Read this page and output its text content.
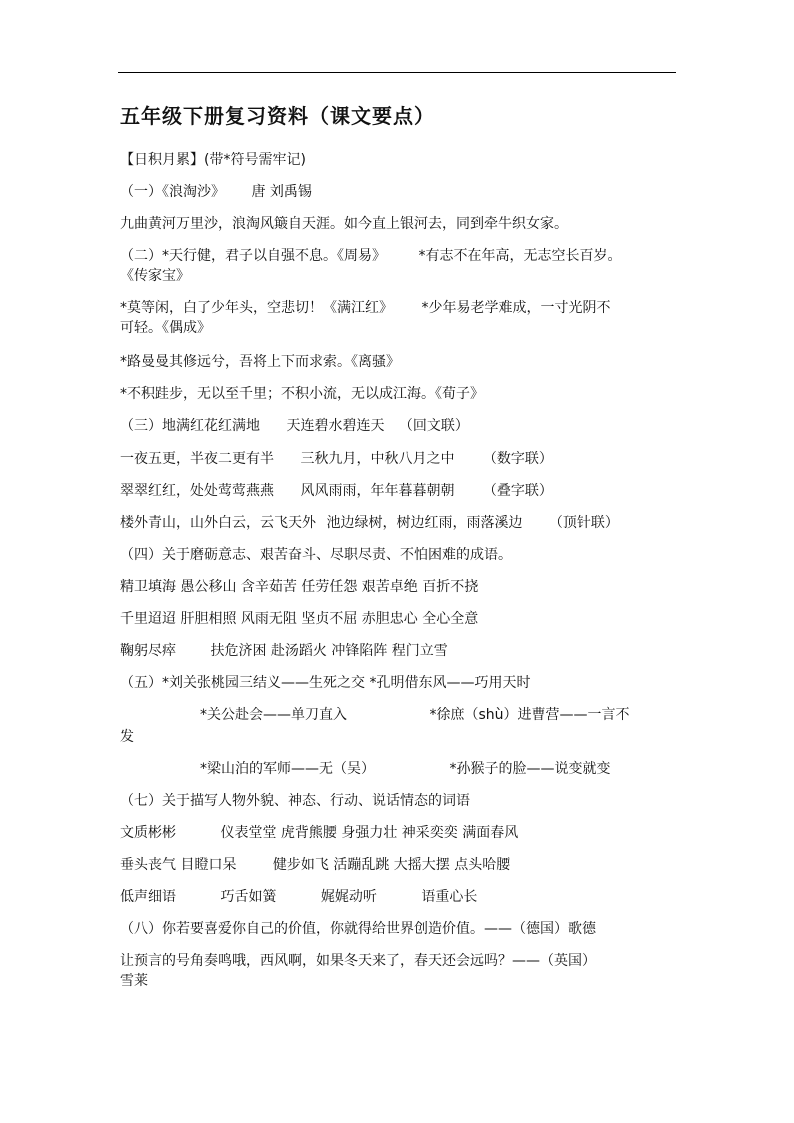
五年级下册复习资料（课文要点）
【日积月累】(带*符号需牢记)
（一）《浪淘沙》 唐 刘禹锡
九曲黄河万里沙，浪淘风簸自天涯。如今直上银河去，同到牵牛织女家。
（二）*天行健，君子以自强不息。《周易》 *有志不在年高，无志空长百岁。
《传家宝》
*莫等闲，白了少年头，空悲切！《满江红》 *少年易老学难成，一寸光阴不
可轻。《偶成》
*路曼曼其修远兮，吾将上下而求索。《离骚》
*不积跬步，无以至千里；不积小流，无以成江海。《荀子》
（三）地满红花红满地 天连碧水碧连天 （回文联）
一夜五更，半夜二更有半 三秋九月，中秋八月之中 （数字联）
翠翠红红，处处莺莺燕燕 风风雨雨，年年暮暮朝朝 （叠字联）
楼外青山，山外白云，云飞天外 池边绿树，树边红雨，雨落溪边 （顶针联）
（四）关于磨砺意志、艰苦奋斗、尽职尽责、不怕困难的成语。
精卫填海 愚公移山 含辛茹苦 任劳任怨 艰苦卓绝 百折不挠
千里迢迢 肝胆相照 风雨无阻 坚贞不屈 赤胆忠心 全心全意
鞠躬尽瘁 扶危济困 赴汤蹈火 冲锋陷阵 程门立雪
（五）*刘关张桃园三结义——生死之交 *孔明借东风——巧用天时
*关公赴会——单刀直入	*徐庶（shù）进曹营——一言不
发
*梁山泊的军师——无（吴）	*孙猴子的脸——说变就变
（七）关于描写人物外貌、神态、行动、说话情态的词语
文质彬彬	仪表堂堂 虎背熊腰 身强力壮 神采奕奕 满面春风
垂头丧气 目瞪口呆	健步如飞 活蹦乱跳 大摇大摆 点头哈腰
低声细语	巧舌如簧	娓娓动听	语重心长
（八）你若要喜爱你自己的价值，你就得给世界创造价值。——（德国）歌德
让预言的号角奏鸣哦，西风啊，如果冬天来了，春天还会远吗？——（英国）
雪莱
